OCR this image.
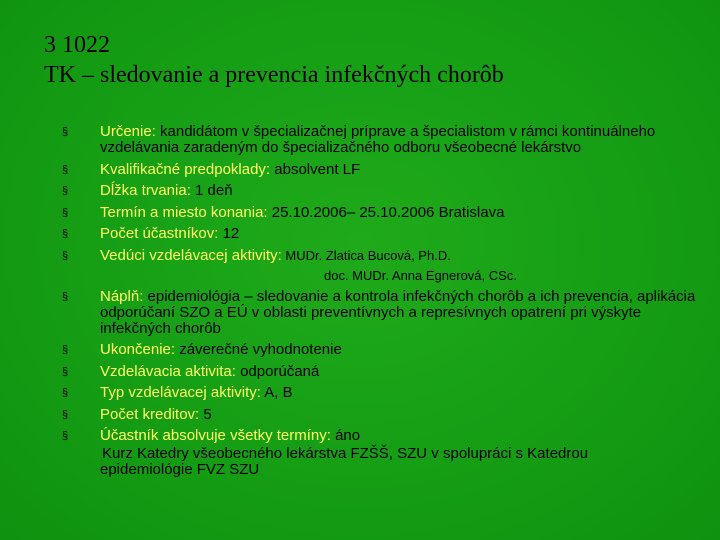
3 1022
TK – sledovanie a prevencia infekčných chorôb
§ Určenie: kandidátom v špecializačnej príprave a špecialistom v rámci kontinuálneho vzdelávania zaradeným do špecializačného odboru všeobecné lekárstvo
§ Kvalifikačné predpoklady: absolvent LF
§ Dĺžka trvania: 1 deň
§ Termín a miesto konania: 25.10.2006– 25.10.2006 Bratislava
§ Počet účastníkov: 12
§ Vedúci vzdelávacej aktivity: MUDr. Zlatica Bucová, Ph.D.
doc. MUDr. Anna Egnerová, CSc.
§ Náplň: epidemiológia – sledovanie a kontrola infekčných chorôb a ich prevencia, aplikácia odporúčaní SZO a EÚ v oblasti preventívnych a represívnych opatrení pri výskyte infekčných chorôb
§ Ukončenie: záverečné vyhodnotenie
§ Vzdelávacia aktivita: odporúčaná
§ Typ vzdelávacej aktivity: A, B
§ Počet kreditov: 5
§ Účastník absolvuje všetky termíny: áno
Kurz Katedry všeobecného lekárstva FZŠŠ, SZU v spolupráci s Katedrou
epidemiológie FVZ SZU
